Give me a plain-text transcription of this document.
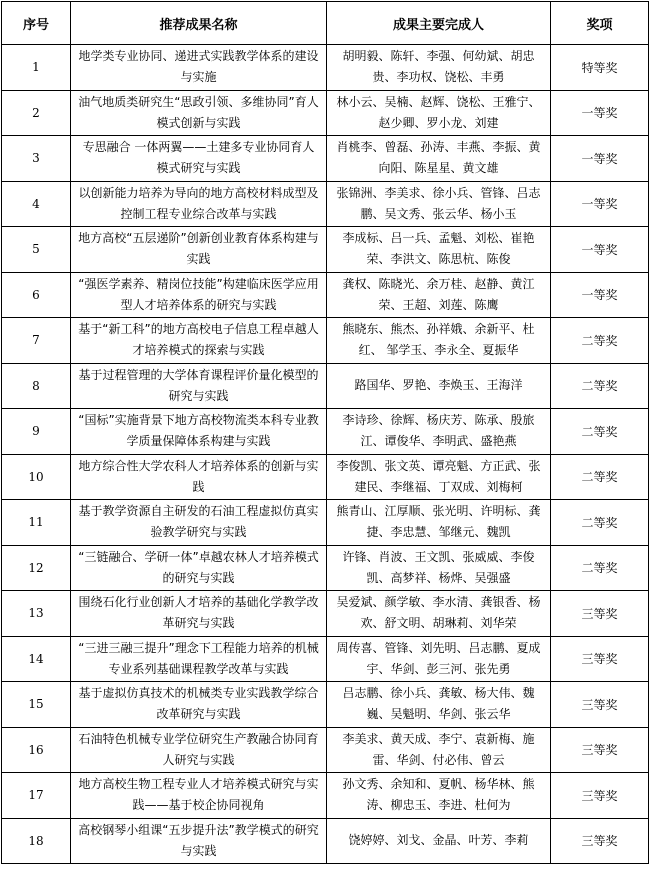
序号	推荐成果名称	成果主要完成人	奖项
1	地学类专业协同、递进式实践教学体系的建设与实施	胡明毅、陈轩、李强、何幼斌、胡忠贵、李功权、饶松、丰勇	特等奖
2	油气地质类研究生“思政引领、多维协同”育人模式创新与实践	林小云、吴楠、赵辉、饶松、王雅宁、赵少卿、罗小龙、刘建	一等奖
3	专思融合 一体两翼——土建多专业协同育人模式研究与实践	肖桃李、曾磊、孙涛、丰燕、李振、黄向阳、陈星星、黄文雄	一等奖
4	以创新能力培养为导向的地方高校材料成型及控制工程专业综合改革与实践	张锦洲、李美求、徐小兵、管锋、吕志鹏、吴文秀、张云华、杨小玉	一等奖
5	地方高校“五层递阶”创新创业教育体系构建与实践	李成标、吕一兵、孟魁、刘松、崔艳荣、李洪文、陈思杭、陈俊	一等奖
6	“强医学素养、精岗位技能”构建临床医学应用型人才培养体系的研究与实践	龚权、陈晓光、余万桂、赵静、黄江荣、王超、刘莲、陈鹰	一等奖
7	基于“新工科”的地方高校电子信息工程卓越人才培养模式的探索与实践	熊晓东、熊杰、孙祥娥、余新平、杜红、 邹学玉、李永全、夏振华	二等奖
8	基于过程管理的大学体育课程评价量化模型的研究与实践	路国华、罗艳、李焕玉、王海洋	二等奖
9	“国标”实施背景下地方高校物流类本科专业教学质量保障体系构建与实践	李诗珍、徐辉、杨庆芳、陈承、殷旅江、谭俊华、李明武、盛艳燕	二等奖
10	地方综合性大学农科人才培养体系的创新与实践	李俊凯、张文英、谭亮魁、方正武、张建民、李继福、丁双成、刘梅柯	二等奖
11	基于教学资源自主研发的石油工程虚拟仿真实验教学研究与实践	熊青山、江厚顺、张光明、许明标、龚捷、李忠慧、邹继元、魏凯	二等奖
12	“三链融合、学研一体”卓越农林人才培养模式的研究与实践	许锋、肖波、王文凯、张威威、李俊凯、高梦祥、杨烨、吴强盛	二等奖
13	围绕石化行业创新人才培养的基础化学教学改革研究与实践	吴爱斌、颜学敏、李水清、龚银香、杨欢、舒文明、胡琳莉、刘华荣	三等奖
14	“三进三融三提升”理念下工程能力培养的机械专业系列基础课程教学改革与实践	周传喜、管锋、刘先明、吕志鹏、夏成宇、华剑、彭三河、张先勇	三等奖
15	基于虚拟仿真技术的机械类专业实践教学综合改革研究与实践	吕志鹏、徐小兵、龚敏、杨大伟、魏巍、吴魁明、华剑、张云华	三等奖
16	石油特色机械专业学位研究生产教融合协同育人研究与实践	李美求、黄天成、李宁、袁新梅、施雷、华剑、付必伟、曾云	三等奖
17	地方高校生物工程专业人才培养模式研究与实践——基于校企协同视角	孙文秀、余知和、夏帆、杨华林、熊 涛、柳忠玉、李进、杜何为	三等奖
18	高校钢琴小组课“五步提升法”教学模式的研究与实践	饶婷婷、刘戈、金晶、叶芳、李莉	三等奖
